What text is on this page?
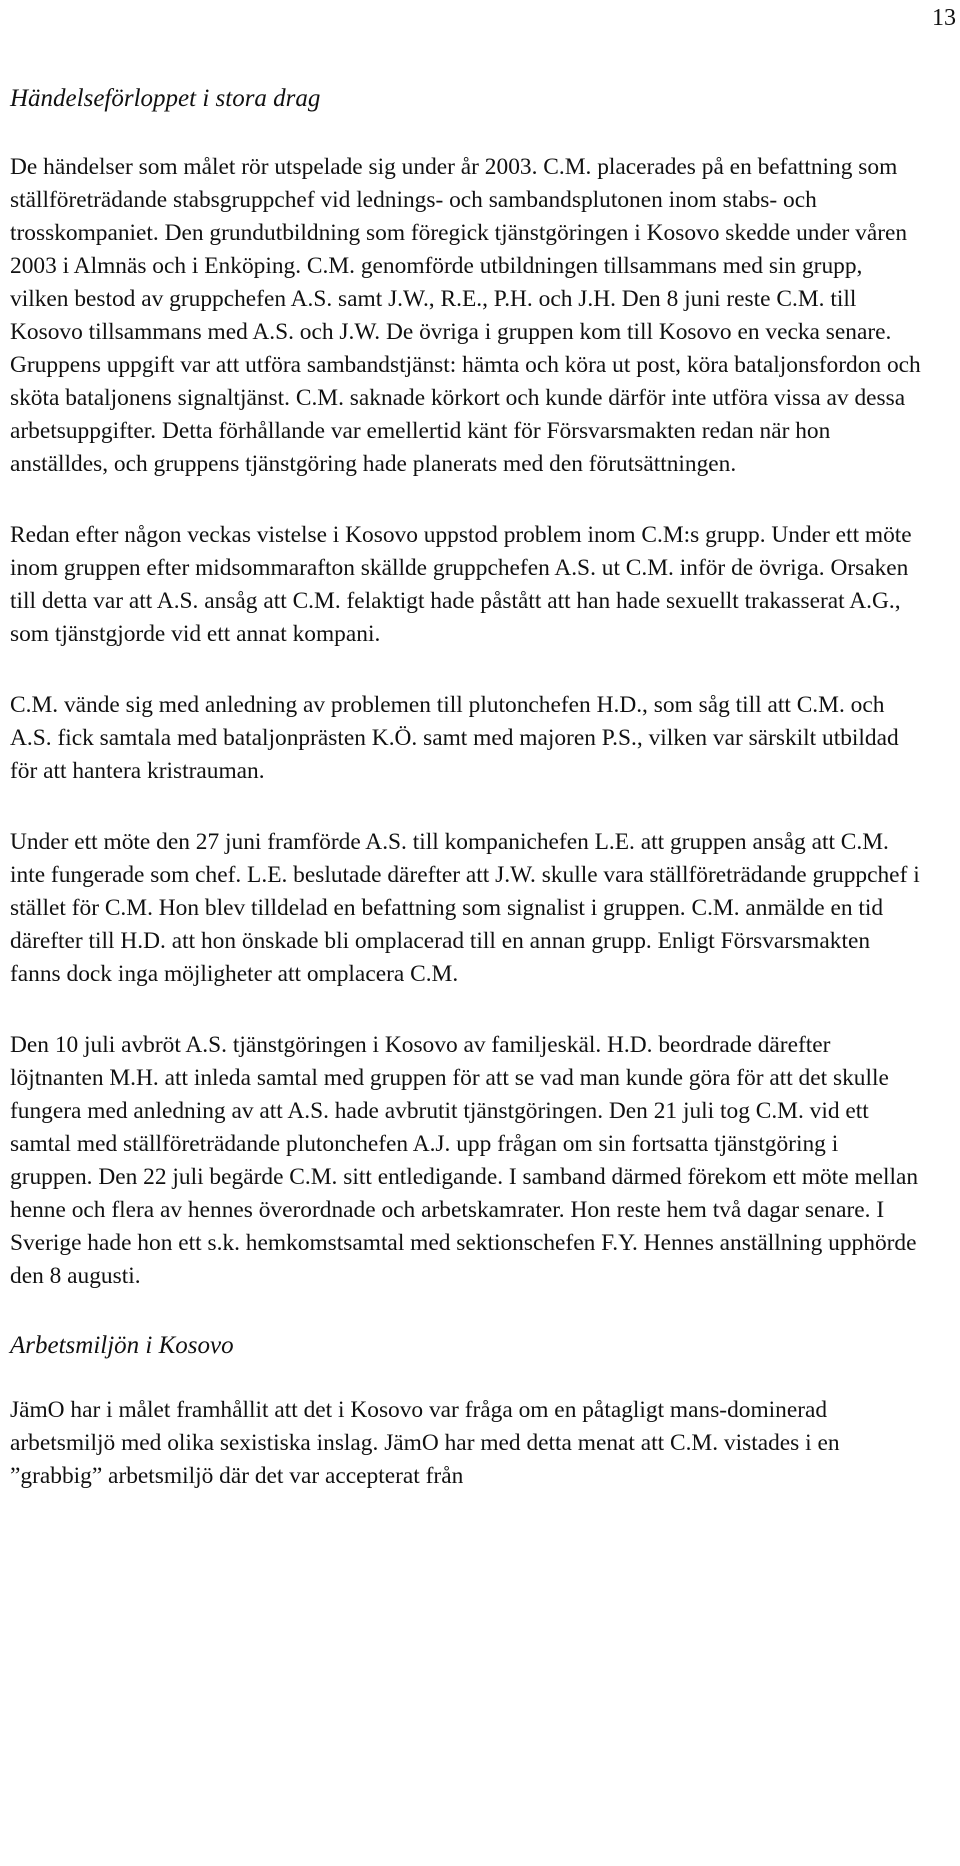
13
Händelseförloppet i stora drag

De händelser som målet rör utspelade sig under år 2003. C.M. placerades på en befattning som ställföreträdande stabsgruppchef vid lednings- och sambandsplutonen inom stabs- och trosskompaniet. Den grundutbildning som föregick tjänstgöringen i Kosovo skedde under våren 2003 i Almnäs och i Enköping. C.M. genomförde utbildningen tillsammans med sin grupp, vilken bestod av gruppchefen A.S. samt J.W., R.E., P.H. och J.H. Den 8 juni reste C.M. till Kosovo tillsammans med A.S. och J.W. De övriga i gruppen kom till Kosovo en vecka senare. Gruppens uppgift var att utföra sambandstjänst: hämta och köra ut post, köra bataljonsfordon och sköta bataljonens signaltjänst. C.M. saknade körkort och kunde därför inte utföra vissa av dessa arbetsuppgifter. Detta förhållande var emellertid känt för Försvarsmakten redan när hon anställdes, och gruppens tjänstgöring hade planerats med den förutsättningen.

Redan efter någon veckas vistelse i Kosovo uppstod problem inom C.M:s grupp. Under ett möte inom gruppen efter midsommarafton skällde gruppchefen A.S. ut C.M. inför de övriga. Orsaken till detta var att A.S. ansåg att C.M. felaktigt hade påstått att han hade sexuellt trakasserat A.G., som tjänstgjorde vid ett annat kompani.

C.M. vände sig med anledning av problemen till plutonchefen H.D., som såg till att C.M. och A.S. fick samtala med bataljonprästen K.Ö. samt med majoren P.S., vilken var särskilt utbildad för att hantera kristrauman.

Under ett möte den 27 juni framförde A.S. till kompanichefen L.E. att gruppen ansåg att C.M. inte fungerade som chef. L.E. beslutade därefter att J.W. skulle vara ställföreträdande gruppchef i stället för C.M. Hon blev tilldelad en befattning som signalist i gruppen. C.M. anmälde en tid därefter till H.D. att hon önskade bli omplacerad till en annan grupp. Enligt Försvarsmakten fanns dock inga möjligheter att omplacera C.M.

Den 10 juli avbröt A.S. tjänstgöringen i Kosovo av familjeskäl. H.D. beordrade därefter löjtnanten M.H. att inleda samtal med gruppen för att se vad man kunde göra för att det skulle fungera med anledning av att A.S. hade avbrutit tjänstgöringen. Den 21 juli tog C.M. vid ett samtal med ställföreträdande plutonchefen A.J. upp frågan om sin fortsatta tjänstgöring i gruppen. Den 22 juli begärde C.M. sitt entledigande. I samband därmed förekom ett möte mellan henne och flera av hennes överordnade och arbetskamrater. Hon reste hem två dagar senare. I Sverige hade hon ett s.k. hemkomstsamtal med sektionschefen F.Y. Hennes anställning upphörde den 8 augusti.

Arbetsmiljön i Kosovo

JämO har i målet framhållit att det i Kosovo var fråga om en påtagligt mans-dominerad arbetsmiljö med olika sexistiska inslag. JämO har med detta menat att C.M. vistades i en ”grabbig” arbetsmiljö där det var accepterat från
